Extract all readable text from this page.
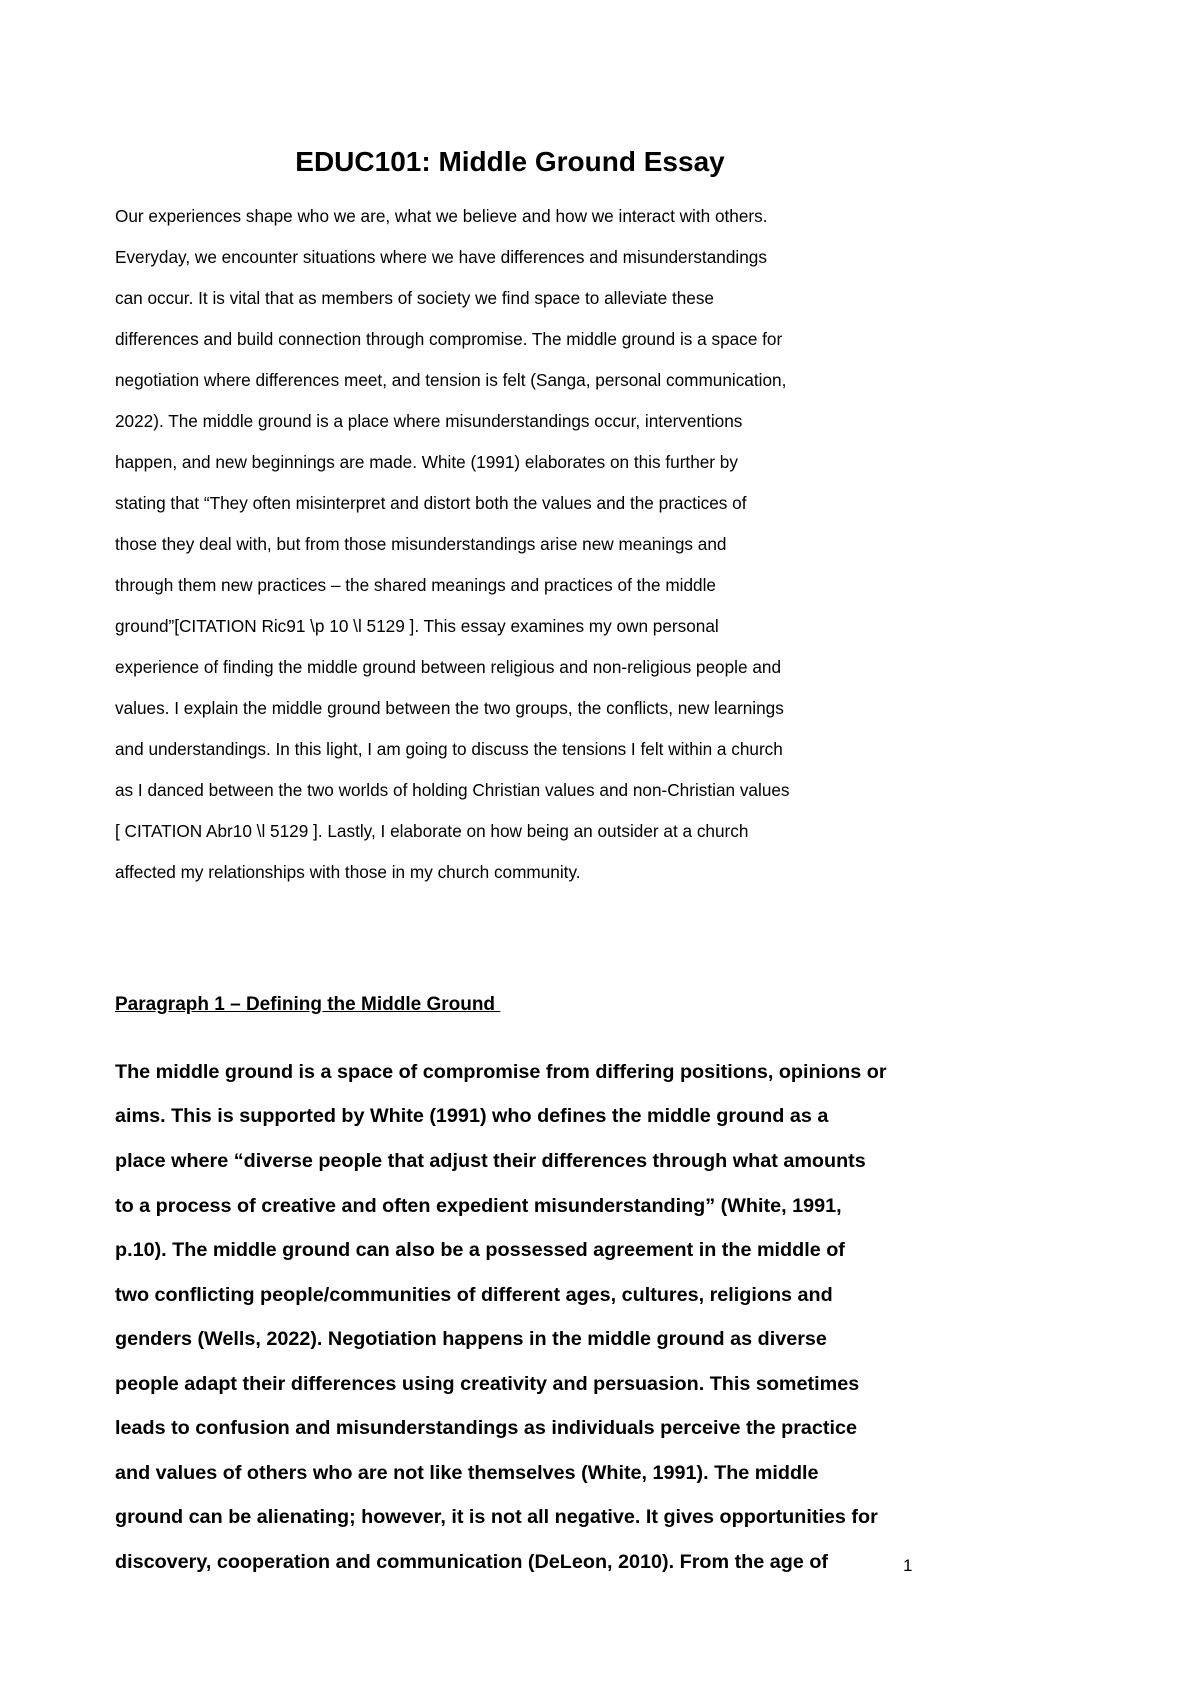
EDUC101: Middle Ground Essay
Our experiences shape who we are, what we believe and how we interact with others.
Everyday, we encounter situations where we have differences and misunderstandings
can occur. It is vital that as members of society we find space to alleviate these
differences and build connection through compromise. The middle ground is a space for
negotiation where differences meet, and tension is felt (Sanga, personal communication,
2022). The middle ground is a place where misunderstandings occur, interventions
happen, and new beginnings are made. White (1991) elaborates on this further by
stating that “They often misinterpret and distort both the values and the practices of
those they deal with, but from those misunderstandings arise new meanings and
through them new practices – the shared meanings and practices of the middle
ground”[CITATION Ric91 \p 10 \l 5129 ]. This essay examines my own personal
experience of finding the middle ground between religious and non-religious people and
values. I explain the middle ground between the two groups, the conflicts, new learnings
and understandings. In this light, I am going to discuss the tensions I felt within a church
as I danced between the two worlds of holding Christian values and non-Christian values
[ CITATION Abr10 \l 5129 ]. Lastly, I elaborate on how being an outsider at a church
affected my relationships with those in my church community.
Paragraph 1 – Defining the Middle Ground
The middle ground is a space of compromise from differing positions, opinions or
aims. This is supported by White (1991) who defines the middle ground as a
place where “diverse people that adjust their differences through what amounts
to a process of creative and often expedient misunderstanding” (White, 1991,
p.10). The middle ground can also be a possessed agreement in the middle of
two conflicting people/communities of different ages, cultures, religions and
genders (Wells, 2022). Negotiation happens in the middle ground as diverse
people adapt their differences using creativity and persuasion. This sometimes
leads to confusion and misunderstandings as individuals perceive the practice
and values of others who are not like themselves (White, 1991). The middle
ground can be alienating; however, it is not all negative. It gives opportunities for
discovery, cooperation and communication (DeLeon, 2010). From the age of	1
